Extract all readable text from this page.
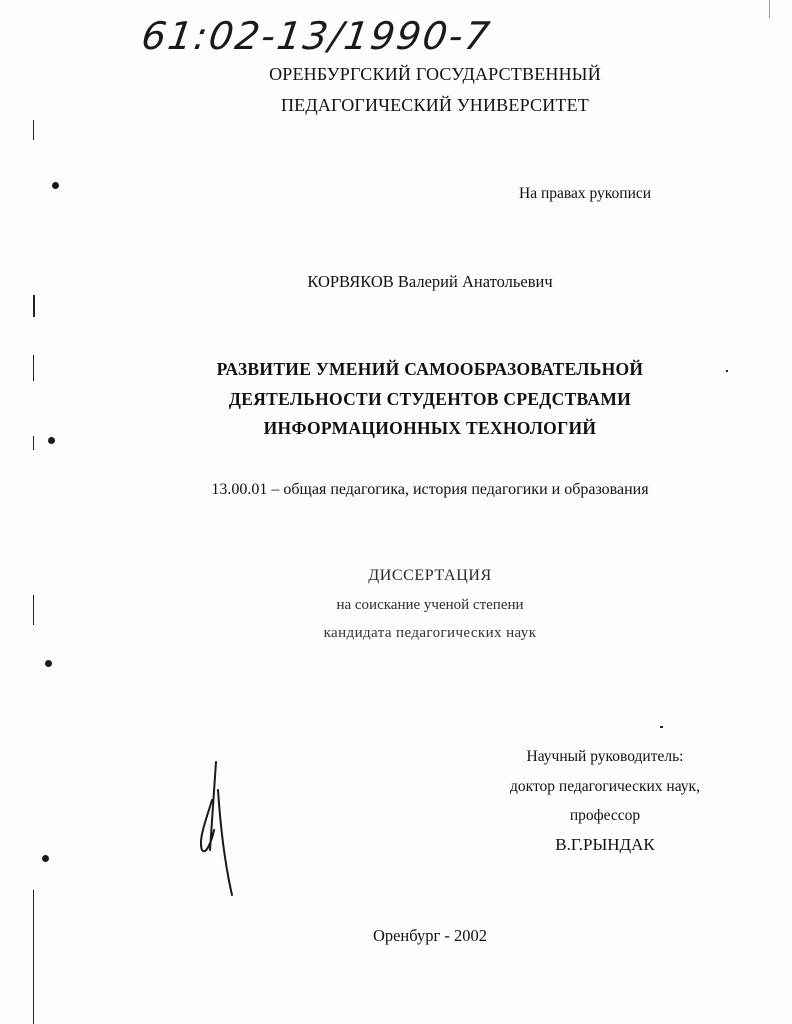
61:02-13/1990-7
ОРЕНБУРГСКИЙ ГОСУДАРСТВЕННЫЙ
ПЕДАГОГИЧЕСКИЙ УНИВЕРСИТЕТ
На правах рукописи
КОРВЯКОВ Валерий Анатольевич
РАЗВИТИЕ УМЕНИЙ САМООБРАЗОВАТЕЛЬНОЙ
ДЕЯТЕЛЬНОСТИ СТУДЕНТОВ СРЕДСТВАМИ
ИНФОРМАЦИОННЫХ ТЕХНОЛОГИЙ
13.00.01 – общая педагогика, история педагогики и образования
ДИССЕРТАЦИЯ
на соискание ученой степени
кандидата педагогических наук
Научный руководитель:
доктор педагогических наук,
профессор
В.Г.РЫНДАК
Оренбург - 2002
